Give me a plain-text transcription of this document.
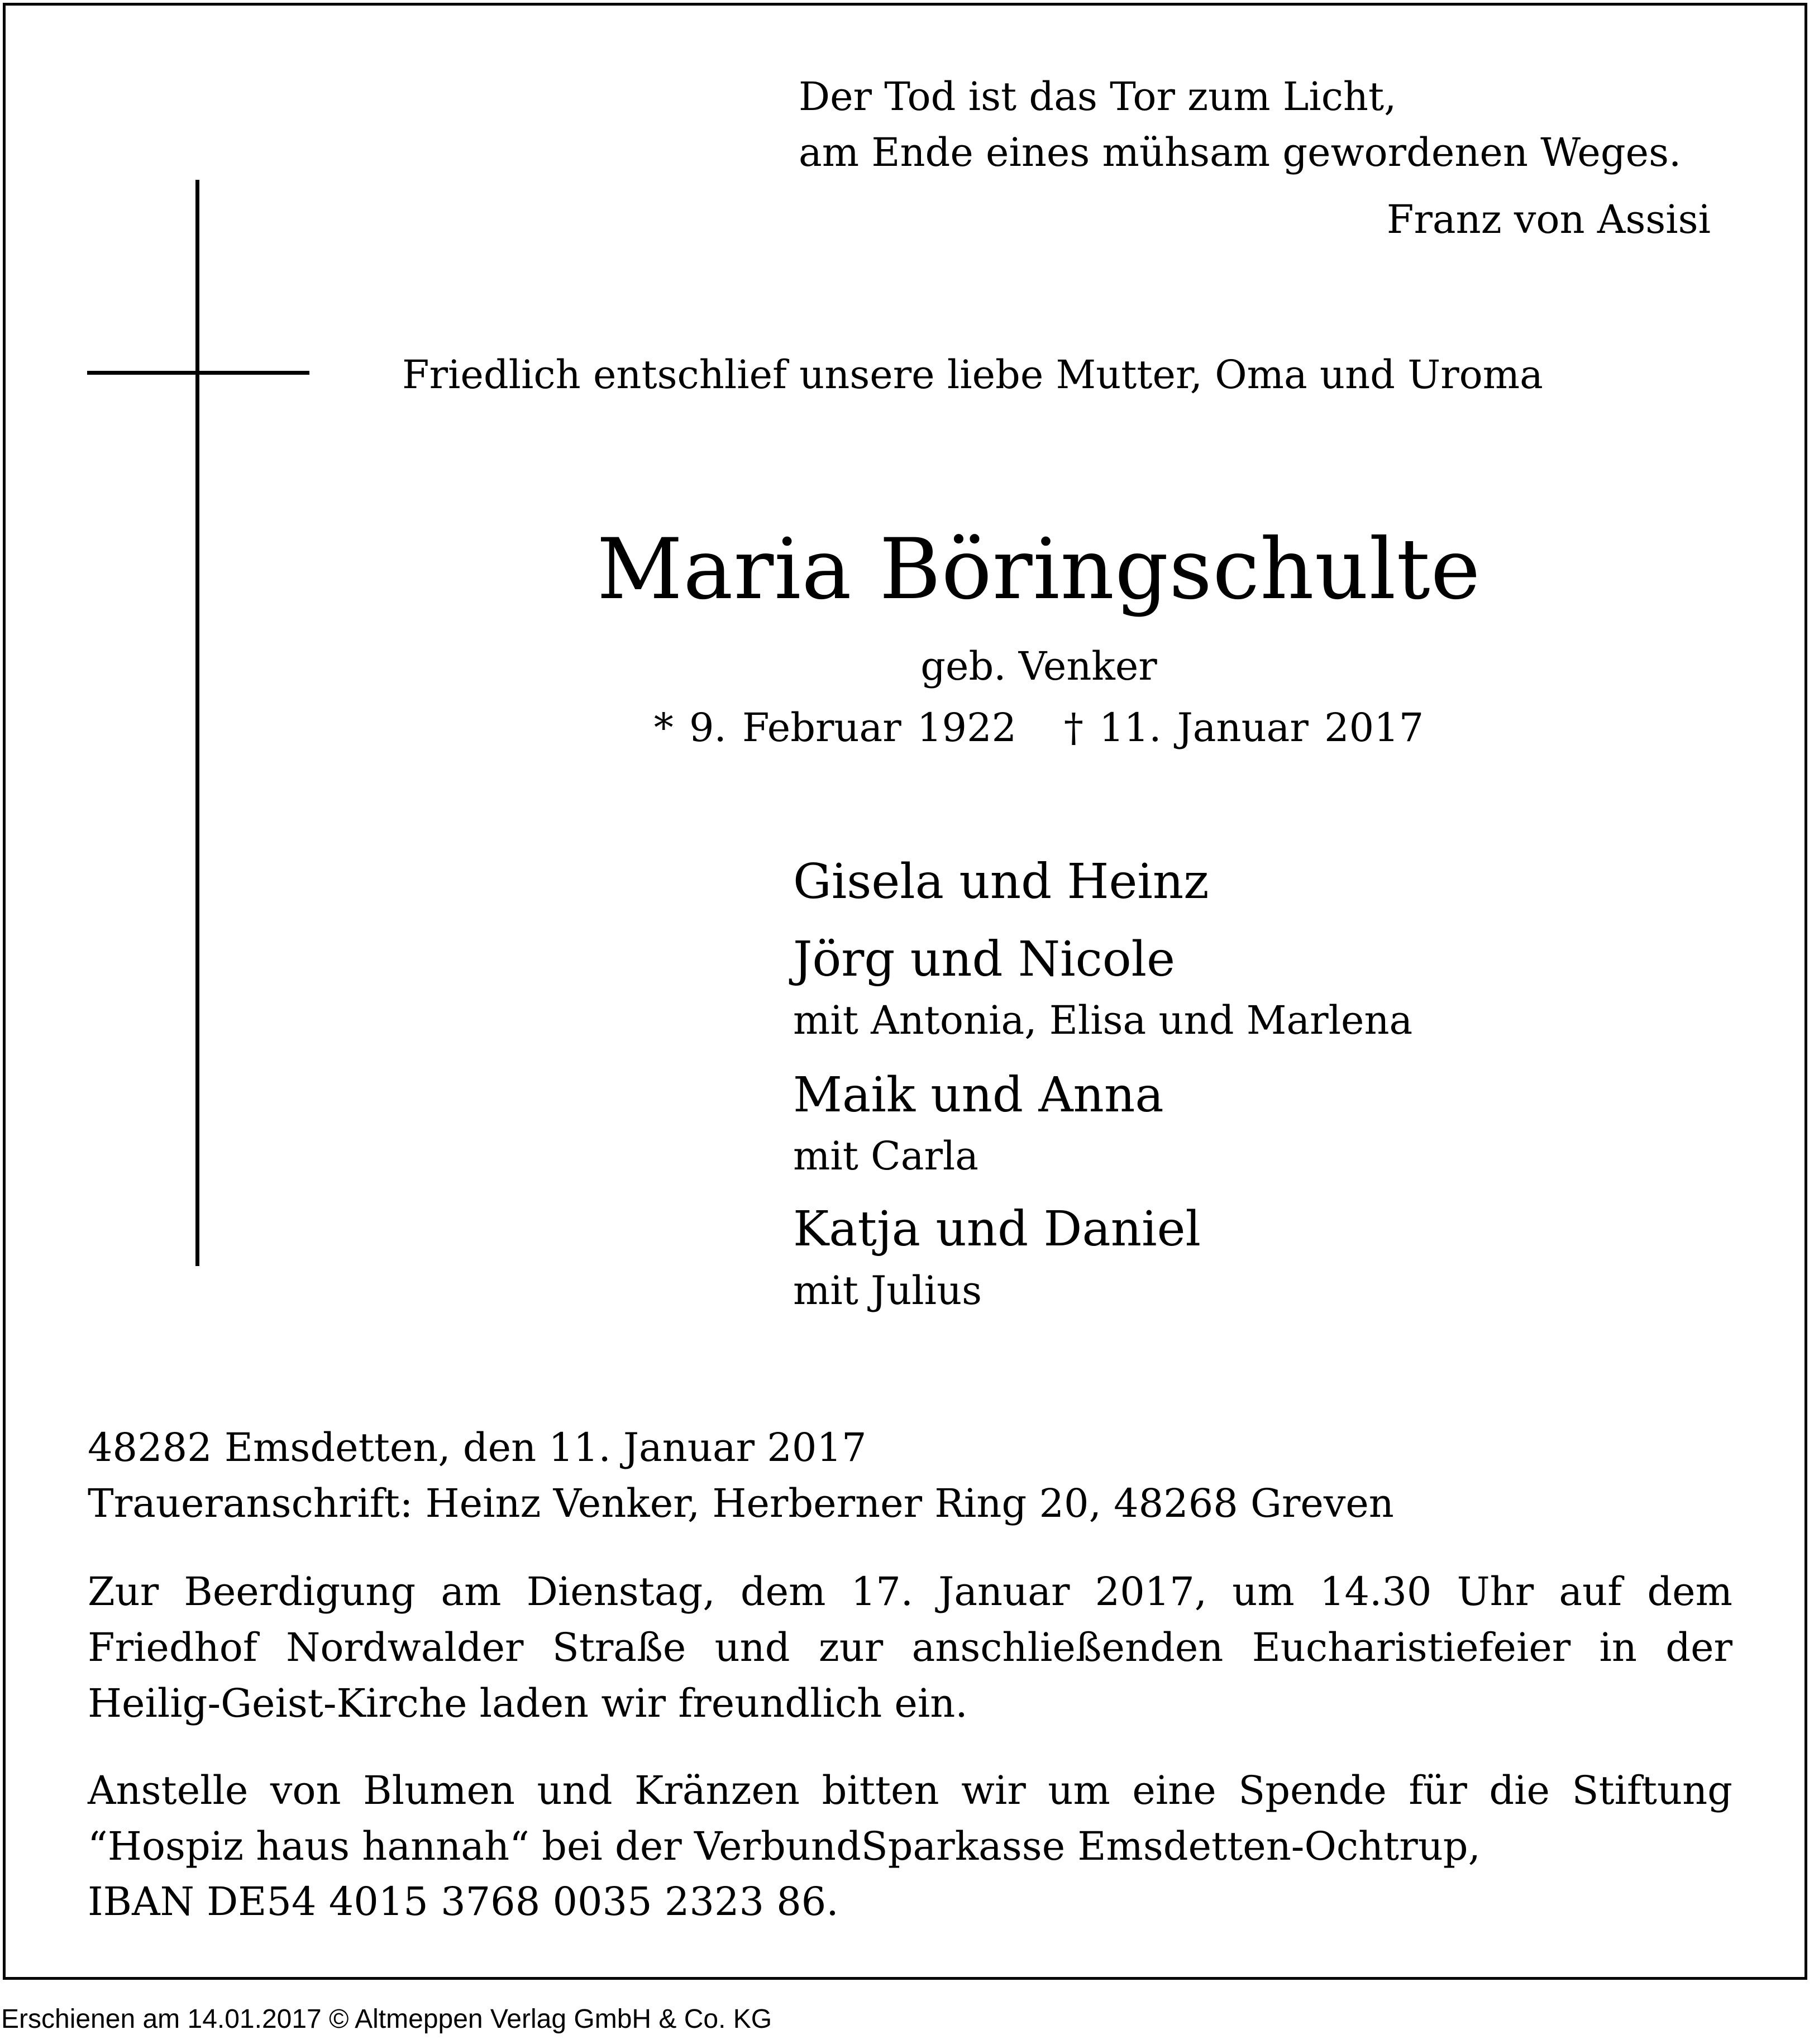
Der Tod ist das Tor zum Licht,
am Ende eines mühsam gewordenen Weges.
Franz von Assisi
Friedlich entschlief unsere liebe Mutter, Oma und Uroma
Maria Böringschulte
geb. Venker
* 9. Februar 1922   † 11. Januar 2017
Gisela und Heinz
Jörg und Nicole
mit Antonia, Elisa und Marlena
Maik und Anna
mit Carla
Katja und Daniel
mit Julius
48282 Emsdetten, den 11. Januar 2017
Traueranschrift: Heinz Venker, Herberner Ring 20, 48268 Greven
Zur Beerdigung am Dienstag, dem 17. Januar 2017, um 14.30 Uhr auf dem Friedhof Nordwalder Straße und zur anschließenden Eucharistiefeier in der Heilig-Geist-Kirche laden wir freundlich ein.
Anstelle von Blumen und Kränzen bitten wir um eine Spende für die Stiftung “Hospiz haus hannah“ bei der VerbundSparkasse Emsdetten-Ochtrup,
IBAN DE54 4015 3768 0035 2323 86.
Erschienen am 14.01.2017 © Altmeppen Verlag GmbH & Co. KG
